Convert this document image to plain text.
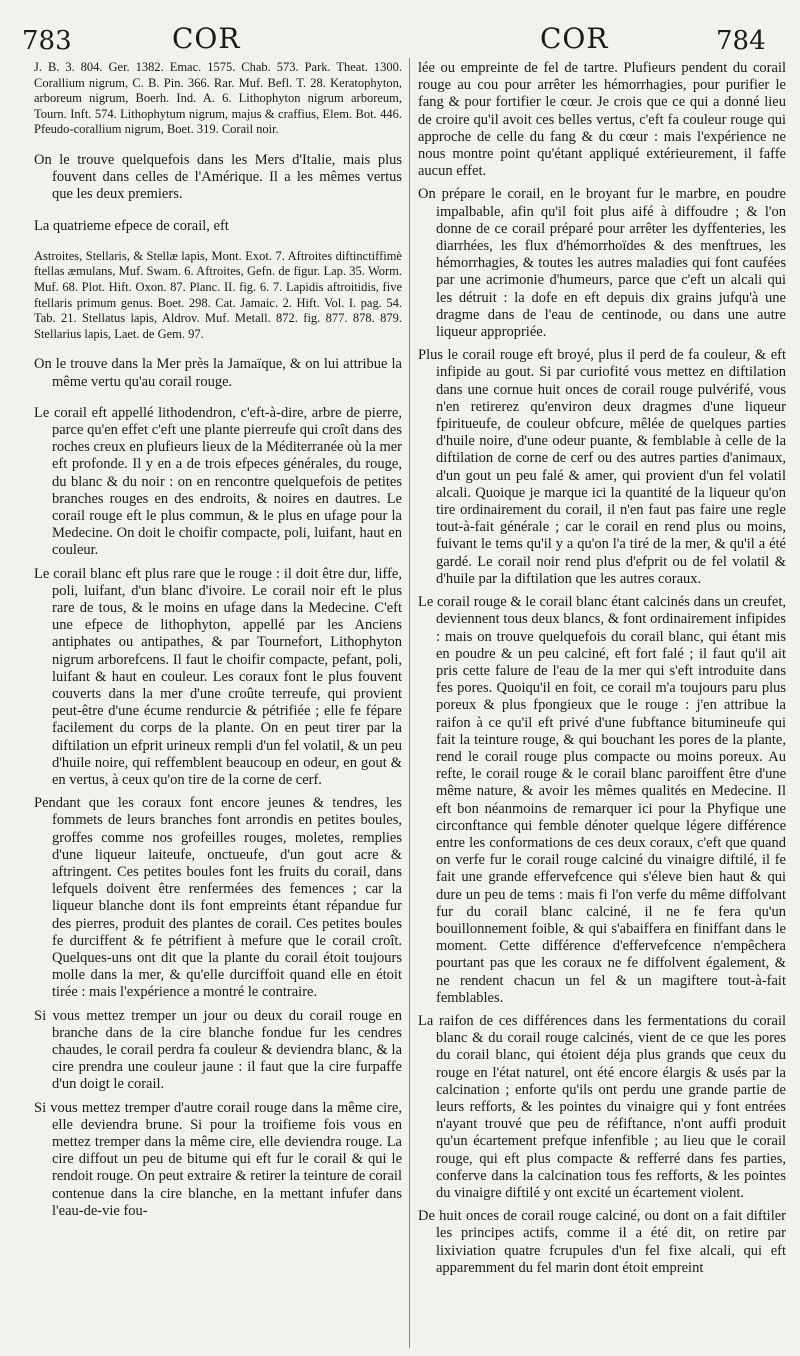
783	COR	COR	784

J. B. 3. 804. Ger. 1382. Emac. 1575. Chab. 573. Park. Theat. 1300. Corallium nigrum, C. B. Pin. 366. Rar. Muf. Befl. T. 28. Keratophyton, arboreum nigrum, Boerh. Ind. A. 6. Lithophyton nigrum arboreum, Tourn. Inft. 574. Lithophytum nigrum, majus & craffius, Elem. Bot. 446. Pfeudo-corallium nigrum, Boet. 319. Corail noir.

On le trouve quelquefois dans les Mers d'Italie, mais plus fouvent dans celles de l'Amérique. Il a les mêmes vertus que les deux premiers.

La quatrieme efpece de corail, eft

Astroites, Stellaris, & Stellæ lapis, Mont. Exot. 7. Aftroites diftinctiffimè ftellas æmulans, Muf. Swam. 6. Aftroites, Gefn. de figur. Lap. 35. Worm. Muf. 68. Plot. Hift. Oxon. 87. Planc. II. fig. 6. 7. Lapidis aftroitidis, five ftellaris primum genus. Boet. 298. Cat. Jamaic. 2. Hift. Vol. I. pag. 54. Tab. 21. Stellatus lapis, Aldrov. Muf. Metall. 872. fig. 877. 878. 879. Stellarius lapis, Laet. de Gem. 97.

On le trouve dans la Mer près la Jamaïque, & on lui attribue la même vertu qu'au corail rouge.

Le corail eft appellé lithodendron, c'eft-à-dire, arbre de pierre, parce qu'en effet c'eft une plante pierreufe qui croît dans des roches creux en plufieurs lieux de la Méditerranée où la mer eft profonde. Il y en a de trois efpeces générales, du rouge, du blanc & du noir : on en rencontre quelquefois de petites branches rouges en des endroits, & noires en dautres. Le corail rouge eft le plus commun, & le plus en ufage pour la Medecine. On doit le choifir compacte, poli, luifant, haut en couleur.

Le corail blanc eft plus rare que le rouge : il doit être dur, liffe, poli, luifant, d'un blanc d'ivoire. Le corail noir eft le plus rare de tous, & le moins en ufage dans la Medecine. C'eft une efpece de lithophyton, appellé par les Anciens antiphates ou antipathes, & par Tournefort, Lithophyton nigrum arborefcens. Il faut le choifir compacte, pefant, poli, luifant & haut en couleur. Les coraux font le plus fouvent couverts dans la mer d'une croûte terreufe, qui provient peut-être d'une écume rendurcie & pétrifiée ; elle fe fépare facilement du corps de la plante. On en peut tirer par la diftilation un efprit urineux rempli d'un fel volatil, & un peu d'huile noire, qui reffemblent beaucoup en odeur, en gout & en vertus, à ceux qu'on tire de la corne de cerf.

Pendant que les coraux font encore jeunes & tendres, les fommets de leurs branches font arrondis en petites boules, groffes comme nos grofeilles rouges, moletes, remplies d'une liqueur laiteufe, onctueufe, d'un gout acre & aftringent. Ces petites boules font les fruits du corail, dans lefquels doivent être renfermées des femences ; car la liqueur blanche dont ils font empreints étant répandue fur des pierres, produit des plantes de corail. Ces petites boules fe durciffent & fe pétrifient à mefure que le corail croît. Quelques-uns ont dit que la plante du corail étoit toujours molle dans la mer, & qu'elle durciffoit quand elle en étoit tirée : mais l'expérience a montré le contraire.

Si vous mettez tremper un jour ou deux du corail rouge en branche dans de la cire blanche fondue fur les cendres chaudes, le corail perdra fa couleur & deviendra blanc, & la cire prendra une couleur jaune : il faut que la cire furpaffe d'un doigt le corail.

Si vous mettez tremper d'autre corail rouge dans la même cire, elle deviendra brune. Si pour la troifieme fois vous en mettez tremper dans la même cire, elle deviendra rouge. La cire diffout un peu de bitume qui eft fur le corail & qui le rendoit rouge. On peut extraire & retirer la teinture de corail contenue dans la cire blanche, en la mettant infufer dans l'eau-de-vie fou-

lée ou empreinte de fel de tartre. Plufieurs pendent du corail rouge au cou pour arrêter les hémorrhagies, pour purifier le fang & pour fortifier le cœur. Je crois que ce qui a donné lieu de croire qu'il avoit ces belles vertus, c'eft fa couleur rouge qui approche de celle du fang & du cœur : mais l'expérience ne nous montre point qu'étant appliqué extérieurement, il faffe aucun effet.

On prépare le corail, en le broyant fur le marbre, en poudre impalbable, afin qu'il foit plus aifé à diffoudre ; & l'on donne de ce corail préparé pour arrêter les dyffenteries, les diarrhées, les flux d'hémorrhoïdes & des menftrues, les hémorrhagies, & toutes les autres maladies qui font caufées par une acrimonie d'humeurs, parce que c'eft un alcali qui les détruit : la dofe en eft depuis dix grains jufqu'à une dragme dans de l'eau de centinode, ou dans une autre liqueur appropriée.

Plus le corail rouge eft broyé, plus il perd de fa couleur, & eft infipide au gout. Si par curiofité vous mettez en diftilation dans une cornue huit onces de corail rouge pulvérifé, vous n'en retirerez qu'environ deux dragmes d'une liqueur fpiritueufe, de couleur obfcure, mêlée de quelques parties d'huile noire, d'une odeur puante, & femblable à celle de la diftilation de corne de cerf ou des autres parties d'animaux, d'un gout un peu falé & amer, qui provient d'un fel volatil alcali. Quoique je marque ici la quantité de la liqueur qu'on tire ordinairement du corail, il n'en faut pas faire une regle tout-à-fait générale ; car le corail en rend plus ou moins, fuivant le tems qu'il y a qu'on l'a tiré de la mer, & qu'il a été gardé. Le corail noir rend plus d'efprit ou de fel volatil & d'huile par la diftilation que les autres coraux.

Le corail rouge & le corail blanc étant calcinés dans un creufet, deviennent tous deux blancs, & font ordinairement infipides : mais on trouve quelquefois du corail blanc, qui étant mis en poudre & un peu calciné, eft fort falé ; il faut qu'il ait pris cette falure de l'eau de la mer qui s'eft introduite dans fes pores. Quoiqu'il en foit, ce corail m'a toujours paru plus poreux & plus fpongieux que le rouge : j'en attribue la raifon à ce qu'il eft privé d'une fubftance bitumineufe qui fait la teinture rouge, & qui bouchant les pores de la plante, rend le corail rouge plus compacte ou moins poreux. Au refte, le corail rouge & le corail blanc paroiffent être d'une même nature, & avoir les mêmes qualités en Medecine. Il eft bon néanmoins de remarquer ici pour la Phyfique une circonftance qui femble dénoter quelque légere différence entre les conformations de ces deux coraux, c'eft que quand on verfe fur le corail rouge calciné du vinaigre diftilé, il fe fait une grande effervefcence qui s'éleve bien haut & qui dure un peu de tems : mais fi l'on verfe du même diffolvant fur du corail blanc calciné, il ne fe fera qu'un bouillonnement foible, & qui s'abaiffera en finiffant dans le moment. Cette différence d'effervefcence n'empêchera pourtant pas que les coraux ne fe diffolvent également, & ne rendent chacun un fel & un magiftere tout-à-fait femblables.

La raifon de ces différences dans les fermentations du corail blanc & du corail rouge calcinés, vient de ce que les pores du corail blanc, qui étoient déja plus grands que ceux du rouge en l'état naturel, ont été encore élargis & usés par la calcination ; enforte qu'ils ont perdu une grande partie de leurs refforts, & les pointes du vinaigre qui y font entrées n'ayant trouvé que peu de réfiftance, n'ont auffi produit qu'un écartement prefque infenfible ; au lieu que le corail rouge, qui eft plus compacte & refferré dans fes parties, conferve dans la calcination tous fes refforts, & les pointes du vinaigre diftilé y ont excité un écartement violent.

De huit onces de corail rouge calciné, ou dont on a fait diftiler les principes actifs, comme il a été dit, on retire par lixiviation quatre fcrupules d'un fel fixe alcali, qui eft apparemment du fel marin dont étoit empreint
